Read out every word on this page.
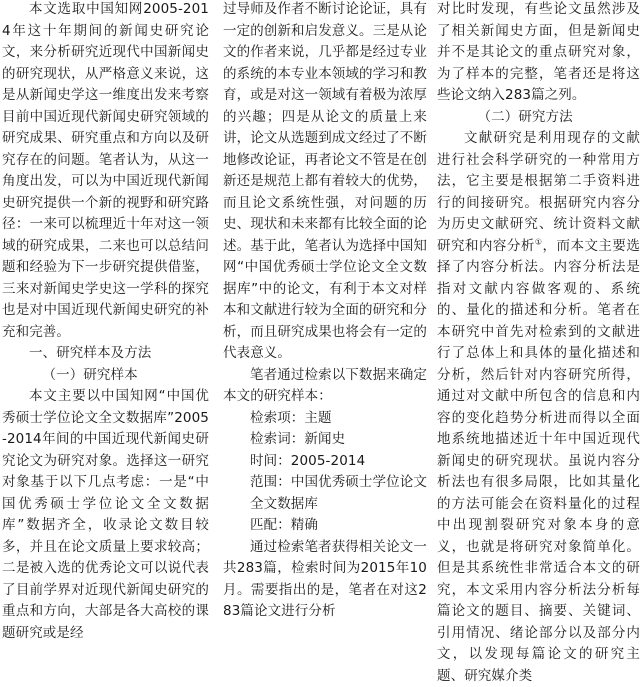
本文选取中国知网2005-2014年这十年期间的新闻史研究论文，来分析研究近现代中国新闻史的研究现状，从严格意义来说，这是从新闻史学这一维度出发来考察目前中国近现代新闻史研究领域的研究成果、研究重点和方向以及研究存在的问题。笔者认为，从这一角度出发，可以为中国近现代新闻史研究提供一个新的视野和研究路径：一来可以梳理近十年对这一领域的研究成果，二来也可以总结问题和经验为下一步研究提供借鉴，三来对新闻史学史这一学科的探究也是对中国近现代新闻史研究的补充和完善。

一、研究样本及方法

（一）研究样本

本文主要以中国知网“中国优秀硕士学位论文全文数据库”2005-2014年间的中国近现代新闻史研究论文为研究对象。选择这一研究对象基于以下几点考虑：一是“中国优秀硕士学位论文全文数据库”数据齐全，收录论文数目较多，并且在论文质量上要求较高；二是被入选的优秀论文可以说代表了目前学界对近现代新闻史研究的重点和方向，大部是各大高校的课题研究或是经

过导师及作者不断讨论论证，具有一定的创新和启发意义。三是从论文的作者来说，几乎都是经过专业的系统的本专业本领域的学习和教育，或是对这一领域有着极为浓厚的兴趣；四是从论文的质量上来讲，论文从选题到成文经过了不断地修改论证，再者论文不管是在创新还是规范上都有着较大的优势，而且论文系统性强，对问题的历史、现状和未来都有比较全面的论述。基于此，笔者认为选择中国知网“中国优秀硕士学位论文全文数据库”中的论文，有利于本文对样本和文献进行较为全面的研究和分析，而且研究成果也将会有一定的代表意义。

笔者通过检索以下数据来确定本文的研究样本：

检索项：主题

检索词：新闻史

时间：2005-2014

范围：中国优秀硕士学位论文全文数据库

匹配：精确

通过检索笔者获得相关论文一共283篇，检索时间为2015年10月。需要指出的是，笔者在对这283篇论文进行分析

对比时发现，有些论文虽然涉及了相关新闻史方面，但是新闻史并不是其论文的重点研究对象，为了样本的完整，笔者还是将这些论文纳入283篇之列。

（二）研究方法

文献研究是利用现存的文献进行社会科学研究的一种常用方法，它主要是根据第二手资料进行的间接研究。根据研究内容分为历史文献研究、统计资料文献研究和内容分析①，而本文主要选择了内容分析法。内容分析法是指对文献内容做客观的、系统的、量化的描述和分析。笔者在本研究中首先对检索到的文献进行了总体上和具体的量化描述和分析，然后针对内容研究所得，通过对文献中所包含的信息和内容的变化趋势分析进而得以全面地系统地描述近十年中国近现代新闻史的研究现状。虽说内容分析法也有很多局限，比如其量化的方法可能会在资料量化的过程中出现割裂研究对象本身的意义，也就是将研究对象简单化。但是其系统性非常适合本文的研究，本文采用内容分析法分析每篇论文的题目、摘要、关键词、引用情况、绪论部分以及部分内文，以发现每篇论文的研究主题、研究媒介类
